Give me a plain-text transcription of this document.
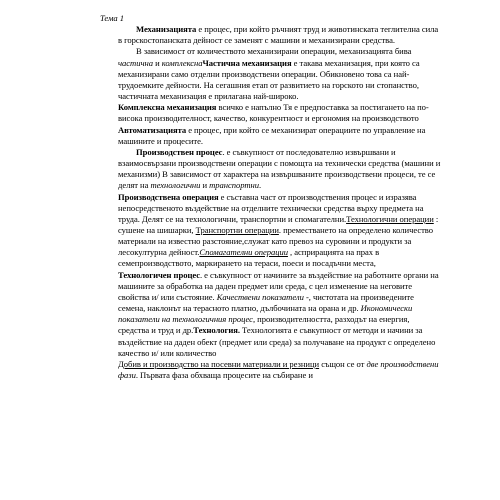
Тема 1

Механизацията е процес, при който ръчният труд и животинската теглителна сила в горскостопанската дейност се заменят с машини и механизирани средства.

В зависимост от количеството механизирани операции, механизацията бива частична и комплекснаЧастична механизация е такава механизация, при която са механизирани само отделни производствени операции. Обикновено това са най-трудоемките дейности. На сегашния етап от развитието на горското ни стопанство, частичната механизация е прилагана най-широко.

Комплексна механизация всичко е напълно Тя е предпоставка за постигането на по-висока производителност, качество, конкурентност и ергономия на производството

Автоматизацията е процес, при който се механизират операциите по управление на машините и процесите.

Производствен процес. е съвкупност от последователно извършвани и взаимосвързани производствени операции с помощта на технически средства (машини и механизми) В зависимост от характера на извършваните производствени процеси, те се делят на технологични и транспортни.

Производствена операция е съставна част от производствения процес и изразява непосредственото въздействие на отделните технически средства върху предмета на труда. Делят се на технологични, транспортни и спомагателни.Технологични операции : сушене на шишарки, Транспортни операции. преместването на определено количество материали на известно разстояние,служат като превоз на суровини и продукти за лесокултурна дейност.Спомагателни операции , асприрацията на прах в семепроизводството, маркирането на тераси, поеси и посадъчни места,

Технологичен процес. е съвкупност от начините за въздействие на работните органи на машините за обработка на даден предмет или среда, с цел изменение на неговите свойства и/ или състояние. Качествени показатели -, чистотата на произведените семена, наклонът на терасното платно, дълбочината на орана и др. Икономически показатели на технологичния процес, производителността, разходът на енергия, средства и труд и др.Технология. Технологията е съвкупност от методи и начини за въздействие на даден обект (предмет или среда) за получаване на продукт с определено качество и/ или количество

Добив и производство на посевни материали и резници същон се от две производствени фази. Първата фаза обхваща процесите на събиране и
